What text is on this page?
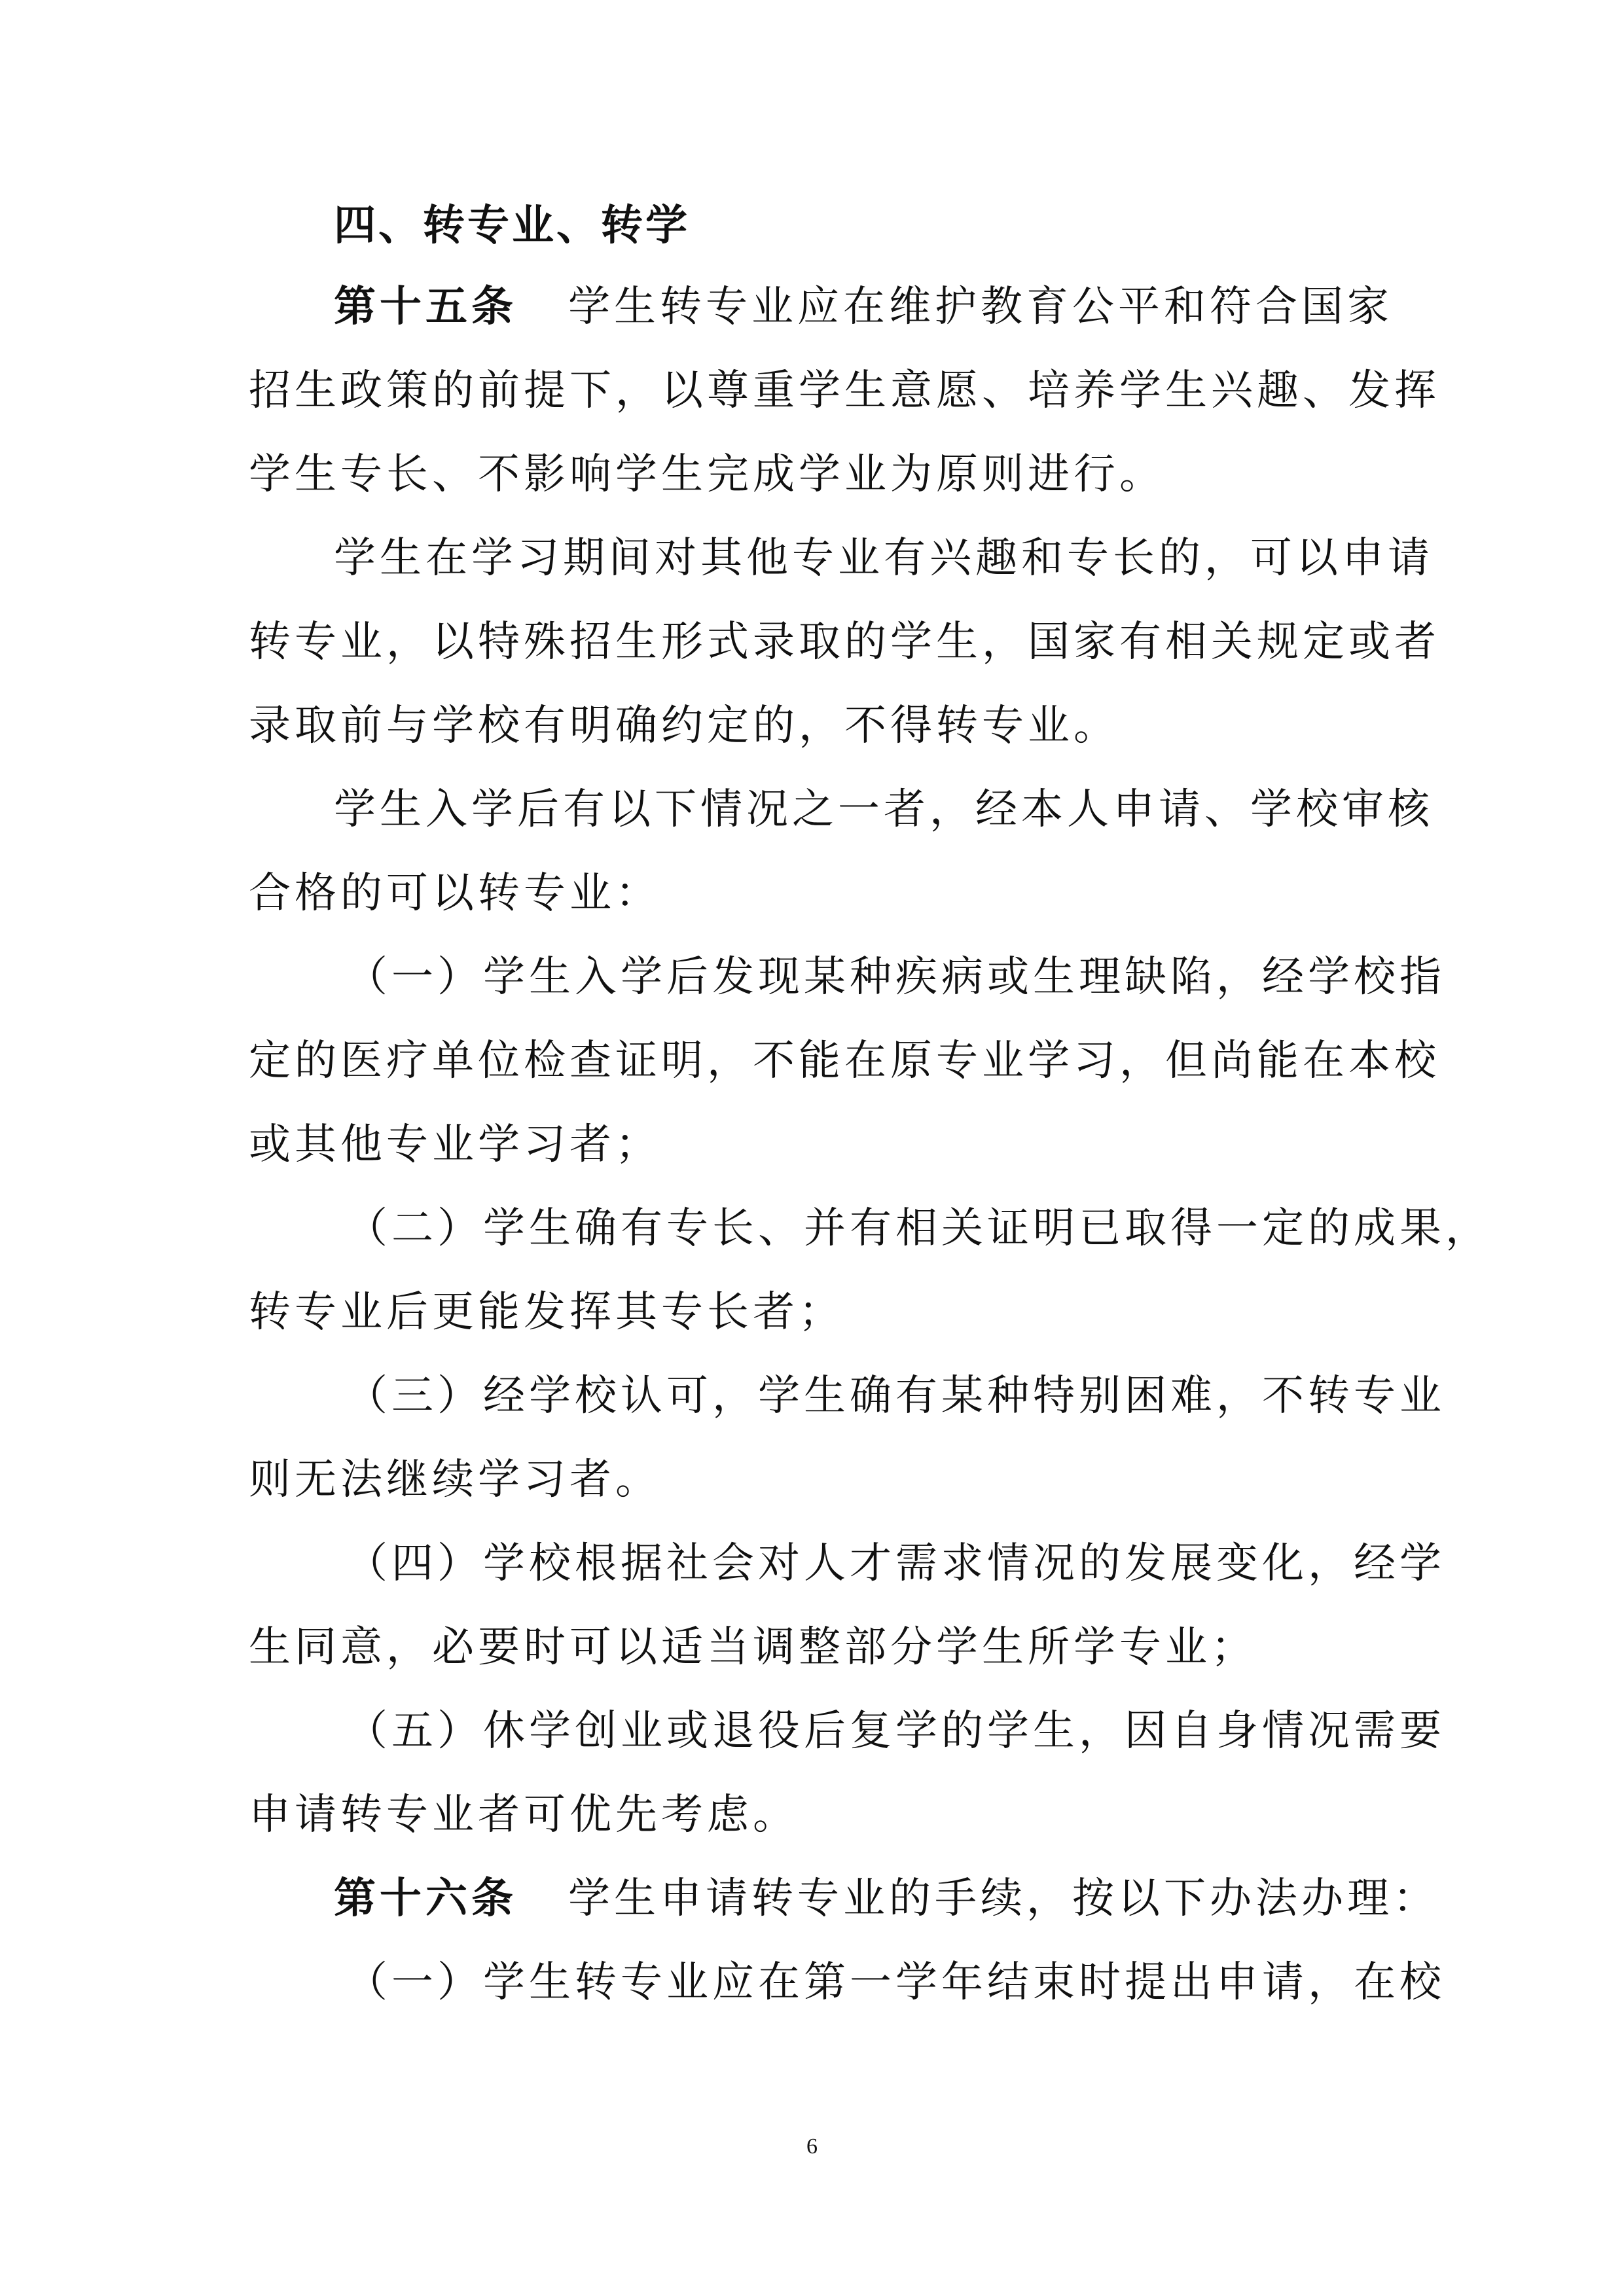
四、转专业、转学
第十五条 学生转专业应在维护教育公平和符合国家
招生政策的前提下，以尊重学生意愿、培养学生兴趣、发挥
学生专长、不影响学生完成学业为原则进行。
学生在学习期间对其他专业有兴趣和专长的，可以申请
转专业，以特殊招生形式录取的学生，国家有相关规定或者
录取前与学校有明确约定的，不得转专业。
学生入学后有以下情况之一者，经本人申请、学校审核
合格的可以转专业：
（一）学生入学后发现某种疾病或生理缺陷，经学校指
定的医疗单位检查证明，不能在原专业学习，但尚能在本校
或其他专业学习者；
（二）学生确有专长、并有相关证明已取得一定的成果，
转专业后更能发挥其专长者；
（三）经学校认可，学生确有某种特别困难，不转专业
则无法继续学习者。
（四）学校根据社会对人才需求情况的发展变化，经学
生同意，必要时可以适当调整部分学生所学专业；
（五）休学创业或退役后复学的学生，因自身情况需要
申请转专业者可优先考虑。
第十六条 学生申请转专业的手续，按以下办法办理：
（一）学生转专业应在第一学年结束时提出申请，在校
6
